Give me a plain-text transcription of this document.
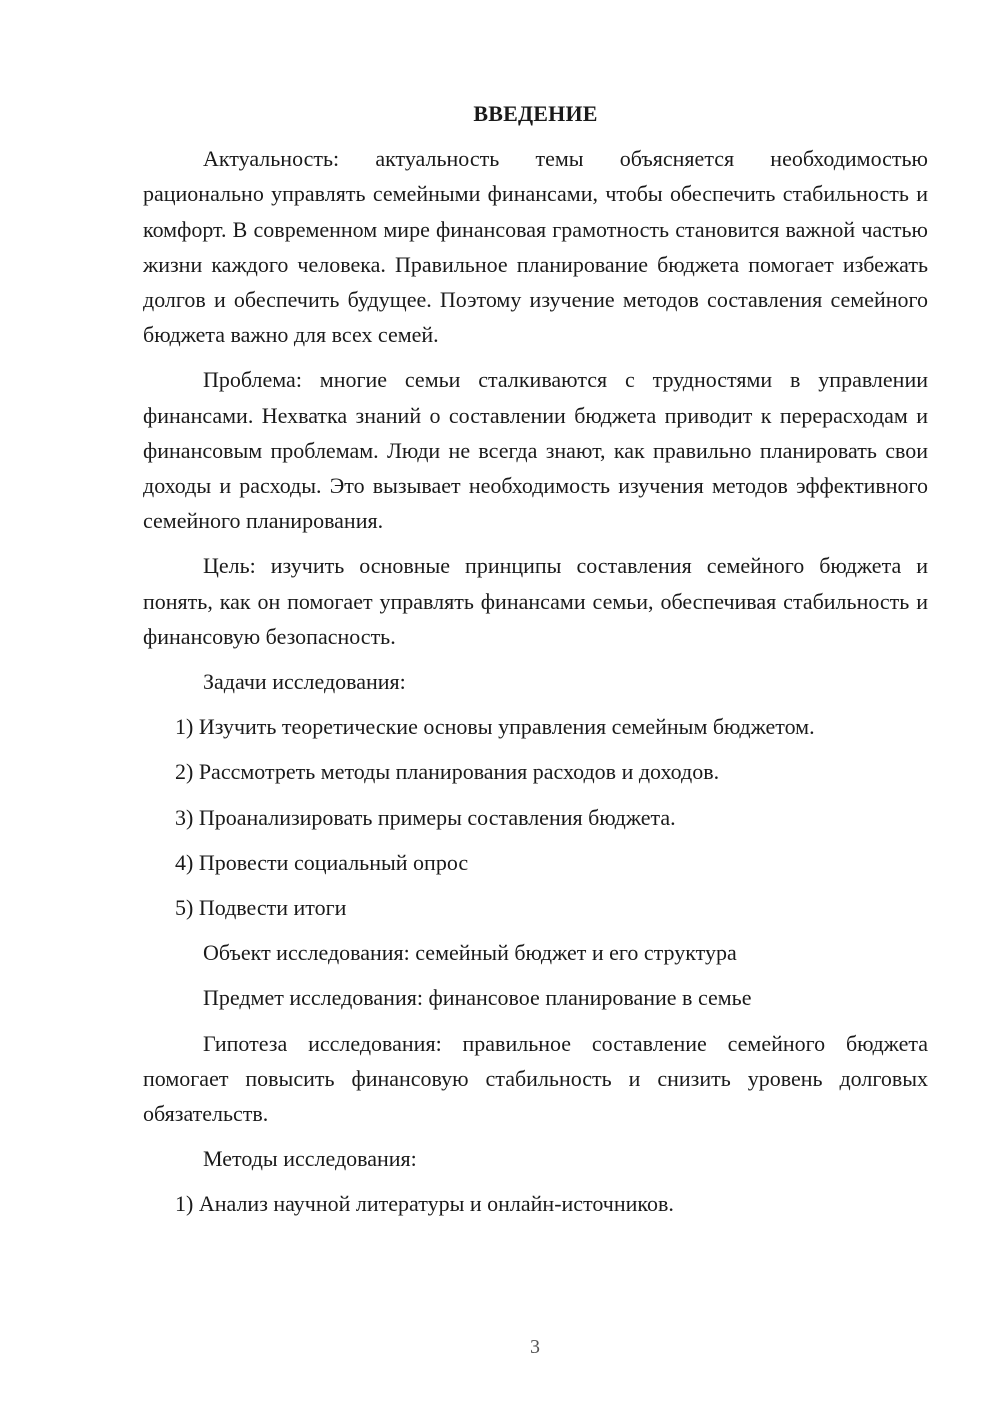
ВВЕДЕНИЕ
Актуальность: актуальность темы объясняется необходимостью рационально управлять семейными финансами, чтобы обеспечить стабильность и комфорт. В современном мире финансовая грамотность становится важной частью жизни каждого человека. Правильное планирование бюджета помогает избежать долгов и обеспечить будущее. Поэтому изучение методов составления семейного бюджета важно для всех семей.
Проблема: многие семьи сталкиваются с трудностями в управлении финансами. Нехватка знаний о составлении бюджета приводит к перерасходам и финансовым проблемам. Люди не всегда знают, как правильно планировать свои доходы и расходы. Это вызывает необходимость изучения методов эффективного семейного планирования.
Цель: изучить основные принципы составления семейного бюджета и понять, как он помогает управлять финансами семьи, обеспечивая стабильность и финансовую безопасность.
Задачи исследования:
1) Изучить теоретические основы управления семейным бюджетом.
2) Рассмотреть методы планирования расходов и доходов.
3) Проанализировать примеры составления бюджета.
4) Провести социальный опрос
5) Подвести итоги
Объект исследования: семейный бюджет и его структура
Предмет исследования: финансовое планирование в семье
Гипотеза исследования: правильное составление семейного бюджета помогает повысить финансовую стабильность и снизить уровень долговых обязательств.
Методы исследования:
1) Анализ научной литературы и онлайн-источников.
3
